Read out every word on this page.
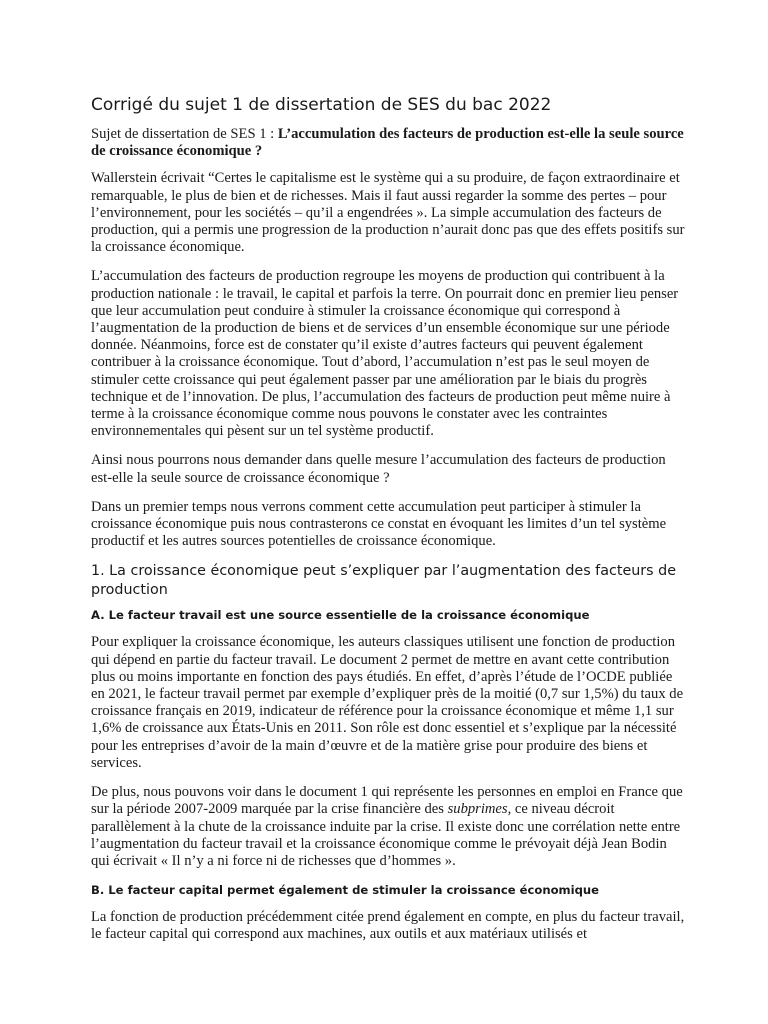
Corrigé du sujet 1 de dissertation de SES du bac 2022

Sujet de dissertation de SES 1 : L’accumulation des facteurs de production est-elle la seule source de croissance économique ?

Wallerstein écrivait “Certes le capitalisme est le système qui a su produire, de façon extraordinaire et remarquable, le plus de bien et de richesses. Mais il faut aussi regarder la somme des pertes – pour l’environnement, pour les sociétés – qu’il a engendrées ». La simple accumulation des facteurs de production, qui a permis une progression de la production n’aurait donc pas que des effets positifs sur la croissance économique.

L’accumulation des facteurs de production regroupe les moyens de production qui contribuent à la production nationale : le travail, le capital et parfois la terre. On pourrait donc en premier lieu penser que leur accumulation peut conduire à stimuler la croissance économique qui correspond à l’augmentation de la production de biens et de services d’un ensemble économique sur une période donnée. Néanmoins, force est de constater qu’il existe d’autres facteurs qui peuvent également contribuer à la croissance économique. Tout d’abord, l’accumulation n’est pas le seul moyen de stimuler cette croissance qui peut également passer par une amélioration par le biais du progrès technique et de l’innovation. De plus, l’accumulation des facteurs de production peut même nuire à terme à la croissance économique comme nous pouvons le constater avec les contraintes environnementales qui pèsent sur un tel système productif.

Ainsi nous pourrons nous demander dans quelle mesure l’accumulation des facteurs de production est-elle la seule source de croissance économique ?

Dans un premier temps nous verrons comment cette accumulation peut participer à stimuler la croissance économique puis nous contrasterons ce constat en évoquant les limites d’un tel système productif et les autres sources potentielles de croissance économique.

1. La croissance économique peut s’expliquer par l’augmentation des facteurs de production
A. Le facteur travail est une source essentielle de la croissance économique

Pour expliquer la croissance économique, les auteurs classiques utilisent une fonction de production qui dépend en partie du facteur travail. Le document 2 permet de mettre en avant cette contribution plus ou moins importante en fonction des pays étudiés. En effet, d’après l’étude de l’OCDE publiée en 2021, le facteur travail permet par exemple d’expliquer près de la moitié (0,7 sur 1,5%) du taux de croissance français en 2019, indicateur de référence pour la croissance économique et même 1,1 sur 1,6% de croissance aux États-Unis en 2011. Son rôle est donc essentiel et s’explique par la nécessité pour les entreprises d’avoir de la main d’œuvre et de la matière grise pour produire des biens et services.

De plus, nous pouvons voir dans le document 1 qui représente les personnes en emploi en France que sur la période 2007-2009 marquée par la crise financière des subprimes, ce niveau décroit parallèlement à la chute de la croissance induite par la crise. Il existe donc une corrélation nette entre l’augmentation du facteur travail et la croissance économique comme le prévoyait déjà Jean Bodin qui écrivait « Il n’y a ni force ni de richesses que d’hommes ».

B. Le facteur capital permet également de stimuler la croissance économique

La fonction de production précédemment citée prend également en compte, en plus du facteur travail, le facteur capital qui correspond aux machines, aux outils et aux matériaux utilisés et
